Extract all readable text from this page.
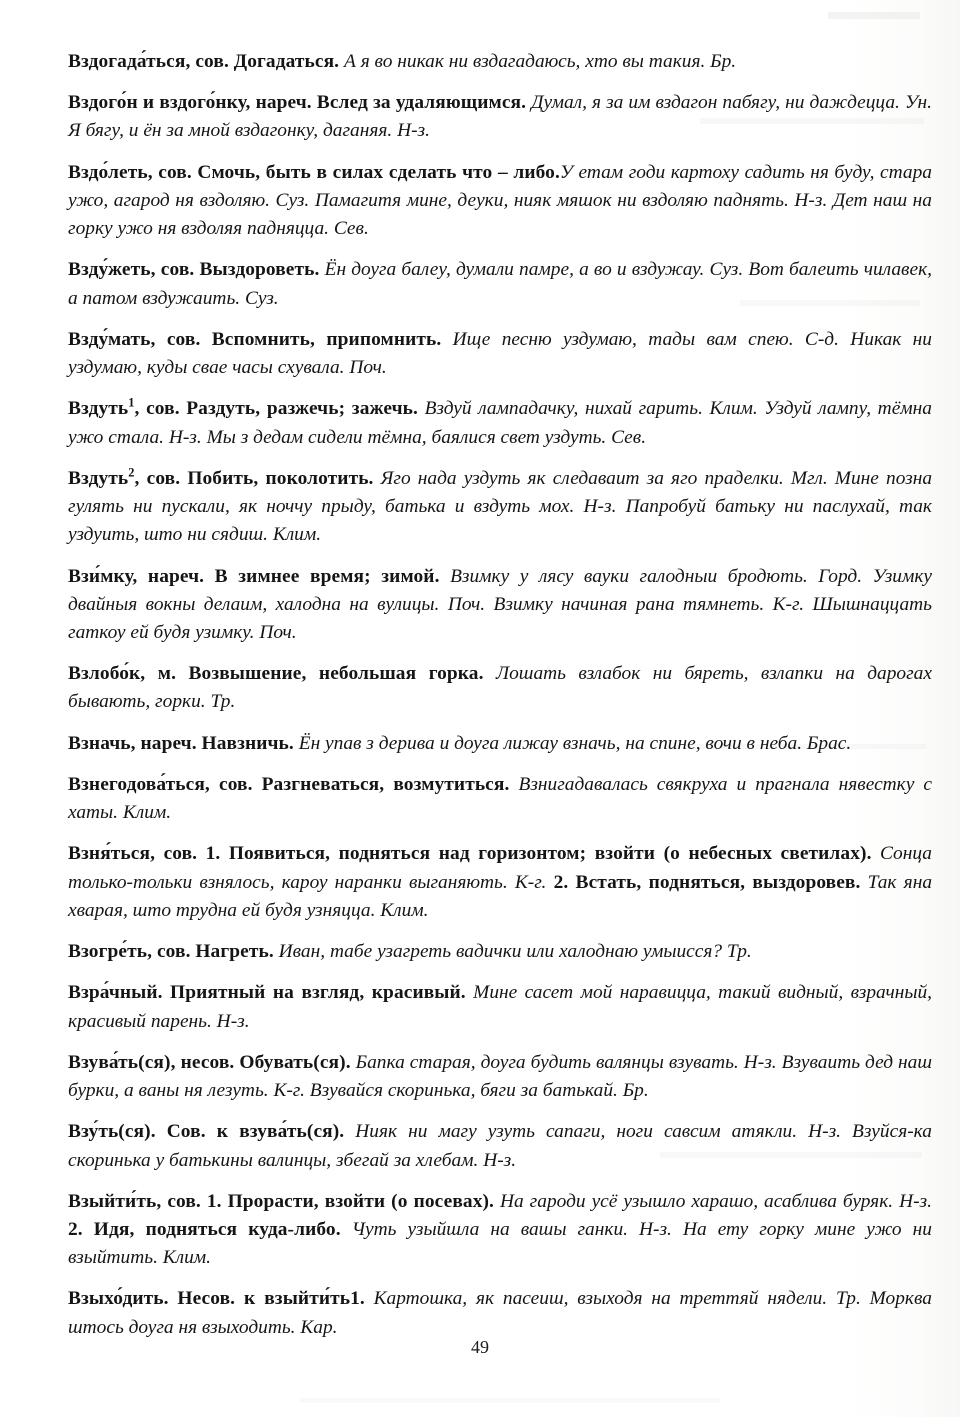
Вздогада́ться, сов. Догадаться. А я во никак ни вздагадаюсь, хто вы такия. Бр.

Вздого́н и вздого́нку, нареч. Вслед за удаляющимся. Думал, я за им вздагон пабягу, ни даждецца. Ун. Я бягу, и ён за мной вздагонку, даганяя. Н-з.

Вздо́леть, сов. Смочь, быть в силах сделать что – либо.У етам годи картоху садить ня буду, стара ужо, агарод ня вздоляю. Суз. Памагитя мине, деуки, нияк мяшок ни вздоляю паднять. Н-з. Дет наш на горку ужо ня вздоляя падняцца. Сев.

Взду́жеть, сов. Выздороветь. Ён доуга балеу, думали памре, а во и вздужау. Суз. Вот балеить чилавек, а патом вздужаить. Суз.

Взду́мать, сов. Вспомнить, припомнить. Ище песню уздумаю, тады вам спею. С-д. Никак ни уздумаю, куды свае часы схувала. Поч.

Вздуть$^1$, сов. Раздуть, разжечь; зажечь. Вздуй лампадачку, нихай гарить. Клим. Уздуй лампу, тёмна ужо стала. Н-з. Мы з дедам сидели тёмна, баялися свет уздуть. Сев.

Вздуть$^2$, сов. Побить, поколотить. Яго нада уздуть як следаваит за яго праделки. Мгл. Мине позна гулять ни пускали, як ноччу прыду, батька и вздуть мох. Н-з. Папробуй батьку ни паслухай, так уздуить, што ни сядиш. Клим.

Взи́мку, нареч. В зимнее время; зимой. Взимку у лясу вауки галодныи бродють. Горд. Узимку двайныя вокны делаим, халодна на вулицы. Поч. Взимку начиная рана тямнеть. К-г. Шышнаццать гаткоу ей будя узимку. Поч.

Взлобо́к, м. Возвышение, небольшая горка. Лошать взлабок ни бяреть, взлапки на дарогах бывають, горки. Тр.

Взначь, нареч. Навзничь. Ён упав з дерива и доуга лижау взначь, на спине, вочи в неба. Брас.

Взнегодова́ться, сов. Разгневаться, возмутиться. Взнигадавалась свякруха и прагнала нявестку с хаты. Клим.

Взня́ться, сов. 1. Появиться, подняться над горизонтом; взойти (о небесных светилах). Сонца только-тольки взнялось, кароу наранки выганяють. К-г. 2. Встать, подняться, выздоровев. Так яна хварая, што трудна ей будя узняцца. Клим.

Взогре́ть, сов. Нагреть. Иван, табе узагреть вадички или халоднаю умыисся? Тр.

Взра́чный. Приятный на взгляд, красивый. Мине сасет мой наравицца, такий видный, взрачный, красивый парень. Н-з.

Взува́ть(ся), несов. Обувать(ся). Бапка старая, доуга будить валянцы взувать. Н-з. Взуваить дед наш бурки, а ваны ня лезуть. К-г. Взувайся скоринька, бяги за батькай. Бр.

Взу́ть(ся). Сов. к взува́ть(ся). Нияк ни магу узуть сапаги, ноги савсим атякли. Н-з. Взуйся-ка скоринька у батькины валинцы, збегай за хлебам. Н-з.

Взыйти́ть, сов. 1. Прорасти, взойти (о посевах). На гароди усё узышло харашо, асаблива буряк. Н-з. 2. Идя, подняться куда-либо. Чуть узыйшла на вашы ганки. Н-з. На ету горку мине ужо ни взыйтить. Клим.

Взыхо́дить. Несов. к взыйти́ть1. Картошка, як пасеиш, взыходя на треттяй нядели. Тр. Морква штось доуга ня взыходить. Кар.

49
